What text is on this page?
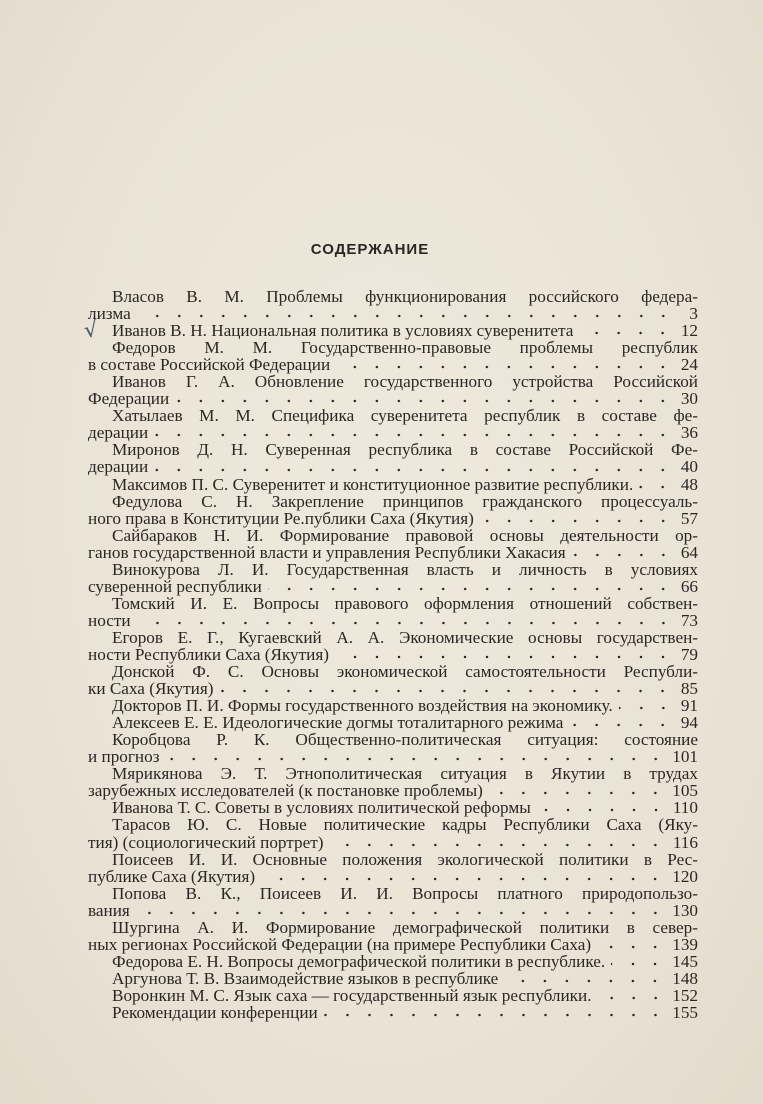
СОДЕРЖАНИЕ
√
Власов В. М. Проблемы функционирования российского федера-
лизма	3
Иванов В. Н. Национальная политика в условиях суверенитета	12
Федоров М. М. Государственно-правовые проблемы республик
в составе Российской Федерации	24
Иванов Г. А. Обновление государственного устройства Российской
Федерации	30
Хатылаев М. М. Специфика суверенитета республик в составе фе-
дерации	36
Миронов Д. Н. Суверенная республика в составе Российской Фе-
дерации	40
Максимов П. С. Суверенитет и конституционное развитие республики.	48
Федулова С. Н. Закрепление принципов гражданского процессуаль-
ного права в Конституции Ре.публики Саха (Якутия)	57
Сайбараков Н. И. Формирование правовой основы деятельности ор-
ганов государственной власти и управления Республики Хакасия	64
Винокурова Л. И. Государственная власть и личность в условиях
суверенной республики	66
Томский И. Е. Вопросы правового оформления отношений собствен-
ности	73
Егоров Е. Г., Кугаевский А. А. Экономические основы государствен-
ности Республики Саха (Якутия)	79
Донской Ф. С. Основы экономической самостоятельности Республи-
ки Саха (Якутия)	85
Докторов П. И. Формы государственного воздействия на экономику.	91
Алексеев Е. Е. Идеологические догмы тоталитарного режима	94
Коробцова Р. К. Общественно-политическая ситуация: состояние
и прогноз	101
Мярикянова Э. Т. Этнополитическая ситуация в Якутии в трудах
зарубежных исследователей (к постановке проблемы)	105
Иванова Т. С. Советы в условиях политической реформы	110
Тарасов Ю. С. Новые политические кадры Республики Саха (Яку-
тия) (социологический портрет)	116
Поисеев И. И. Основные положения экологической политики в Рес-
публике Саха (Якутия)	120
Попова В. К., Поисеев И. И. Вопросы платного природопользо-
вания	130
Шургина А. И. Формирование демографической политики в север-
ных регионах Российской Федерации (на примере Республики Саха)	139
Федорова Е. Н. Вопросы демографической политики в республике.	145
Аргунова Т. В. Взаимодействие языков в республике	148
Воронкин М. С. Язык саха — государственный язык республики.	152
Рекомендации конференции	155
